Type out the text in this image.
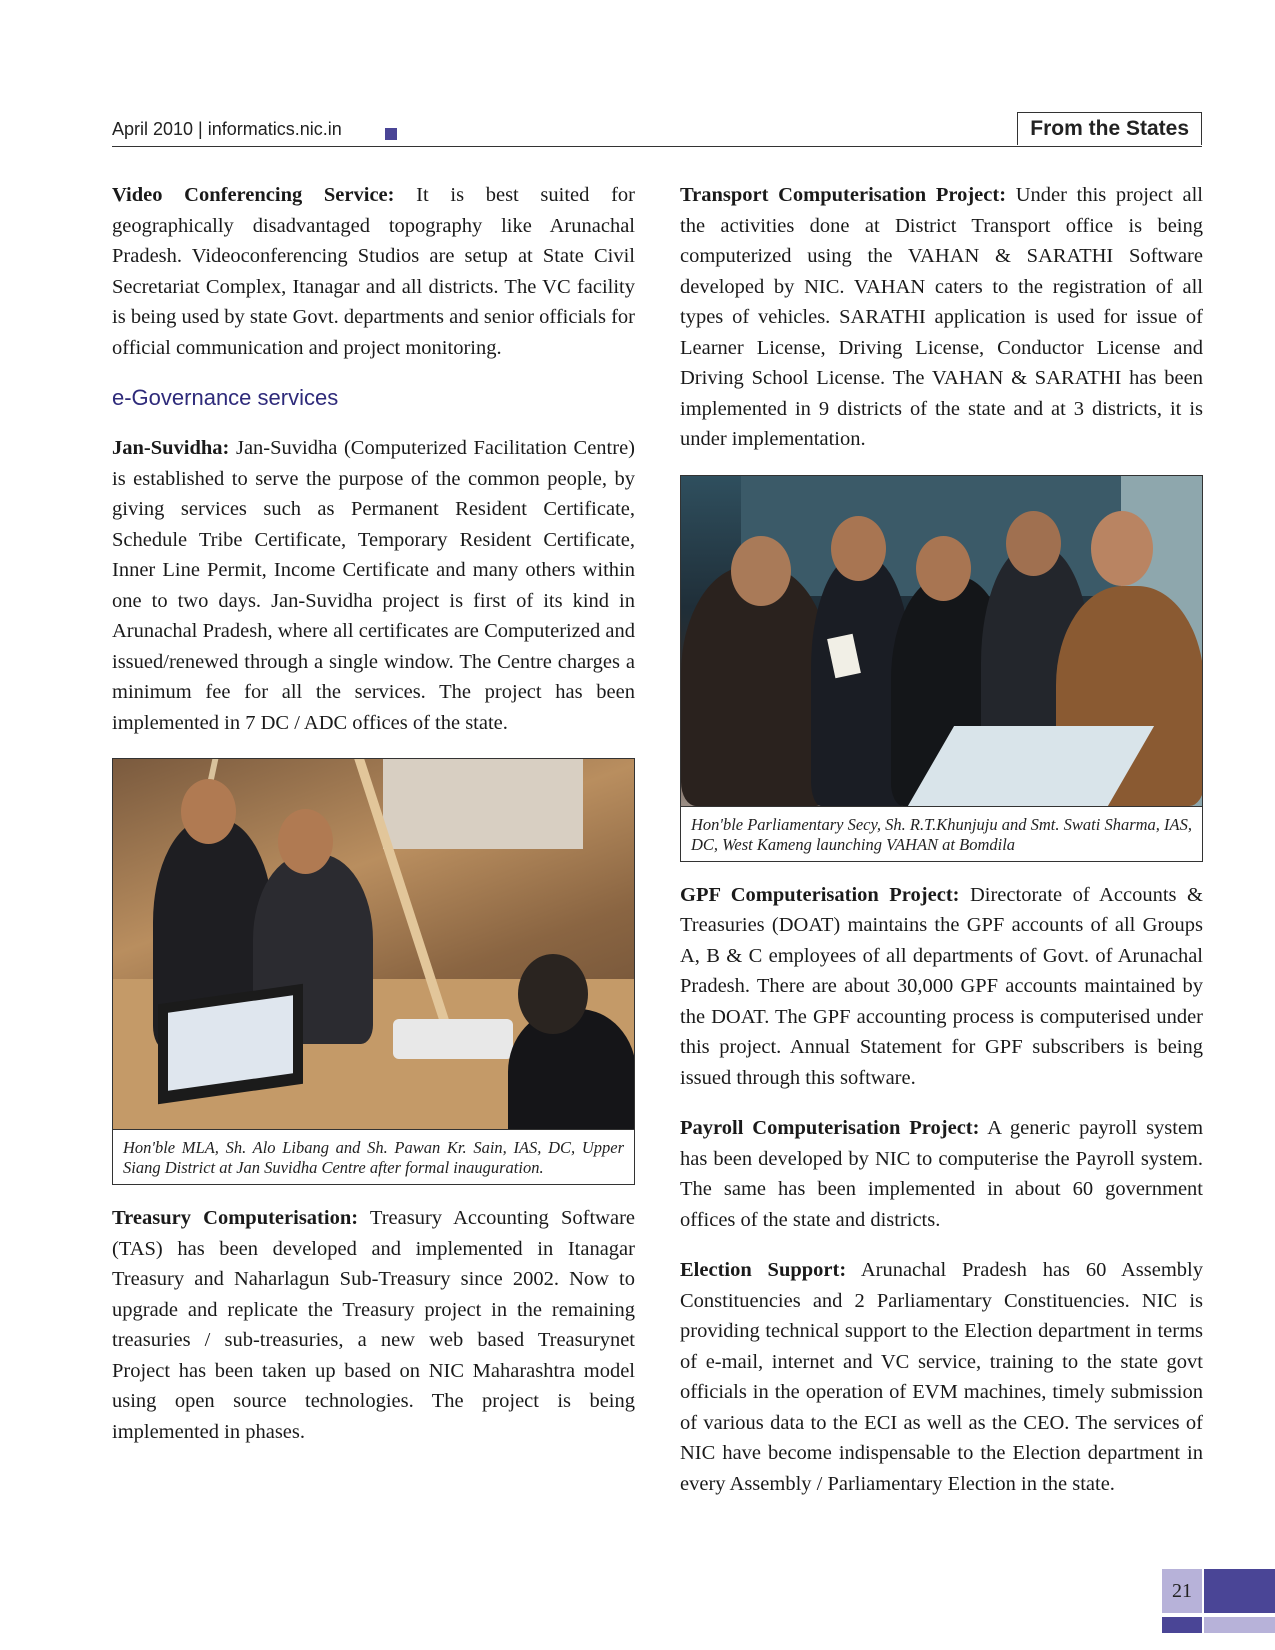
April 2010 | informatics.nic.in	From the States

Video Conferencing Service: It is best suited for geographically disadvantaged topography like Arunachal Pradesh. Videoconferencing Studios are setup at State Civil Secretariat Complex, Itanagar and all districts. The VC facility is being used by state Govt. departments and senior officials for official communication and project monitoring.

e-Governance services

Jan-Suvidha: Jan-Suvidha (Computerized Facilitation Centre) is established to serve the purpose of the common people, by giving services such as Permanent Resident Certificate, Schedule Tribe Certificate, Temporary Resident Certificate, Inner Line Permit, Income Certificate and many others within one to two days. Jan-Suvidha project is first of its kind in Arunachal Pradesh, where all certificates are Computerized and issued/renewed through a single window. The Centre charges a minimum fee for all the services. The project has been implemented in 7 DC / ADC offices of the state.

Hon'ble MLA, Sh. Alo Libang and Sh. Pawan Kr. Sain, IAS, DC, Upper Siang District at Jan Suvidha Centre after formal inauguration.

Treasury Computerisation: Treasury Accounting Software (TAS) has been developed and implemented in Itanagar Treasury and Naharlagun Sub-Treasury since 2002. Now to upgrade and replicate the Treasury project in the remaining treasuries / sub-treasuries, a new web based Treasurynet Project has been taken up based on NIC Maharashtra model using open source technologies. The project is being implemented in phases.

Transport Computerisation Project: Under this project all the activities done at District Transport office is being computerized using the VAHAN & SARATHI Software developed by NIC. VAHAN caters to the registration of all types of vehicles. SARATHI application is used for issue of Learner License, Driving License, Conductor License and Driving School License. The VAHAN & SARATHI has been implemented in 9 districts of the state and at 3 districts, it is under implementation.

Hon'ble Parliamentary Secy, Sh. R.T.Khunjuju and Smt. Swati Sharma, IAS, DC, West Kameng launching VAHAN at Bomdila

GPF Computerisation Project: Directorate of Accounts & Treasuries (DOAT) maintains the GPF accounts of all Groups A, B & C employees of all departments of Govt. of Arunachal Pradesh. There are about 30,000 GPF accounts maintained by the DOAT. The GPF accounting process is computerised under this project. Annual Statement for GPF subscribers is being issued through this software.

Payroll Computerisation Project: A generic payroll system has been developed by NIC to computerise the Payroll system. The same has been implemented in about 60 government offices of the state and districts.

Election Support: Arunachal Pradesh has 60 Assembly Constituencies and 2 Parliamentary Constituencies. NIC is providing technical support to the Election department in terms of e-mail, internet and VC service, training to the state govt officials in the operation of EVM machines, timely submission of various data to the ECI as well as the CEO. The services of NIC have become indispensable to the Election department in every Assembly / Parliamentary Election in the state.

21
